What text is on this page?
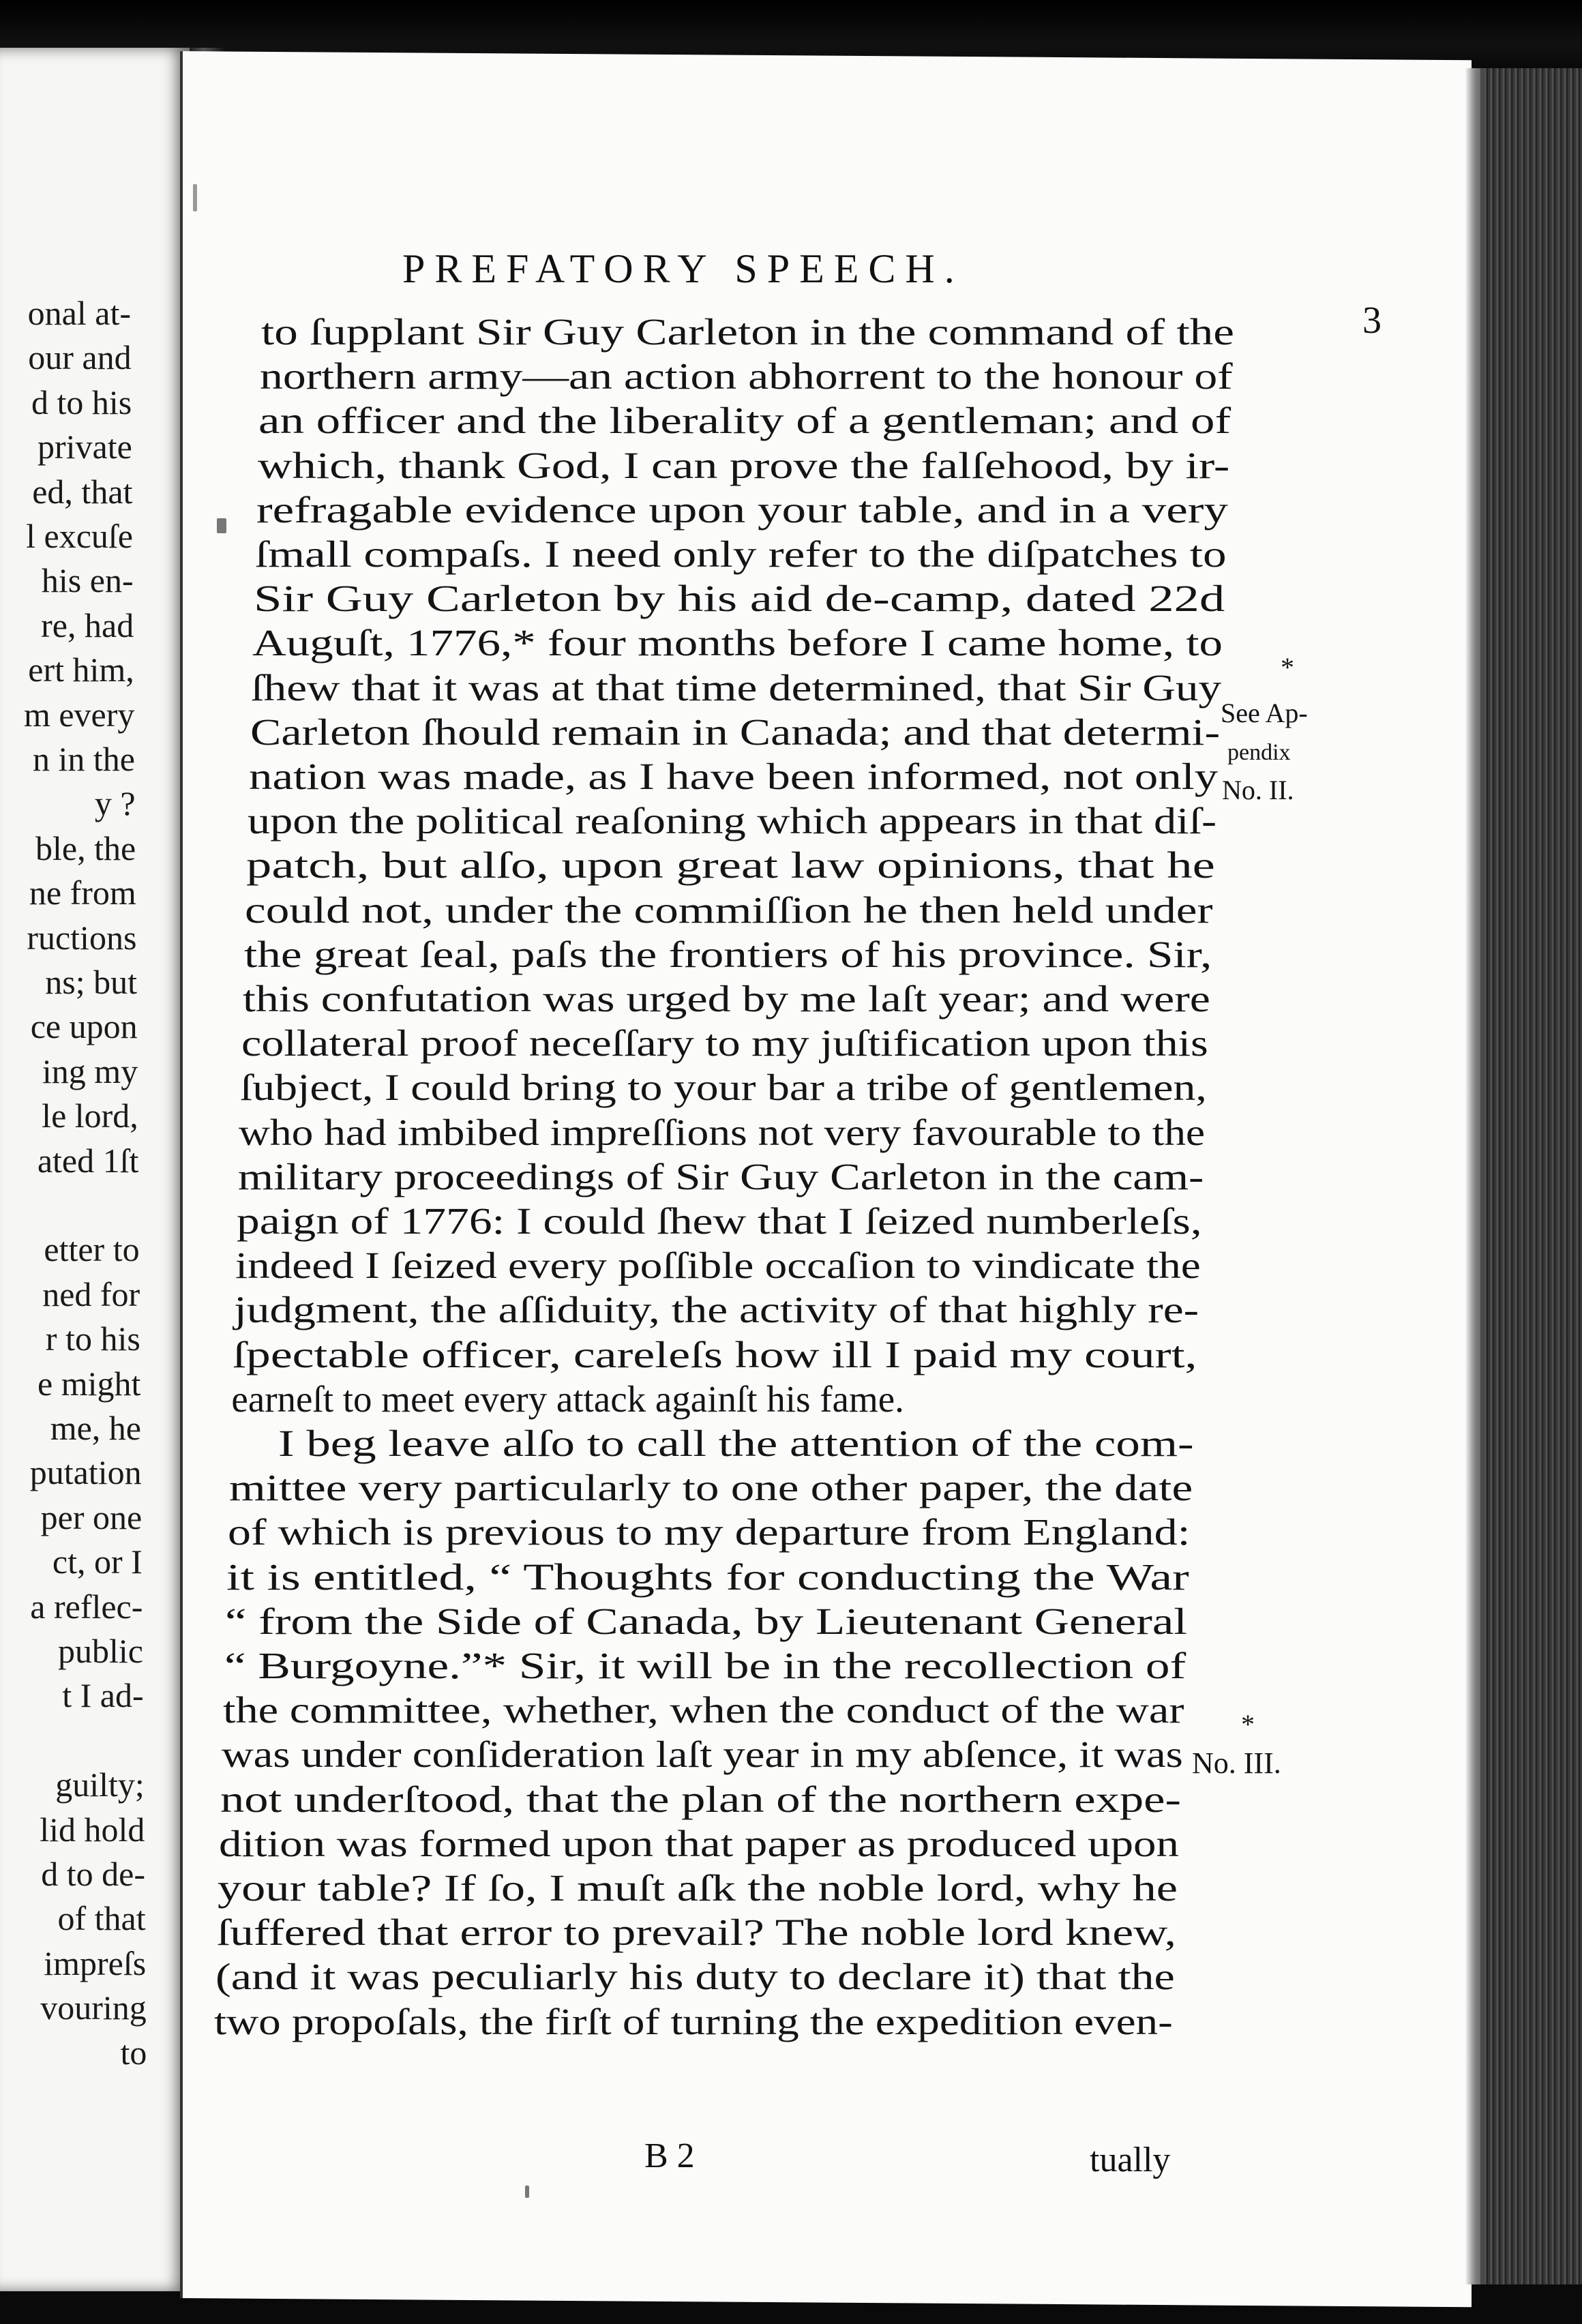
onal at-
our and
d to his
private
ed, that
l excuſe
his en-
re, had
ert him,
m every
n in the
y ?
ble, the
ne from
ructions
ns; but
ce upon
ing my
le lord,
ated 1ſt
etter to
ned for
r to his
e might
me, he
putation
per one
ct, or I
a reflec-
public
t I ad-
guilty;
lid hold
d to de-
of that
impreſs
vouring
to
PREFATORY SPEECH.
3
to ſupplant Sir Guy Carleton in the command of the
northern army—an action abhorrent to the honour of
an officer and the liberality of a gentleman; and of
which, thank God, I can prove the falſehood, by ir-
refragable evidence upon your table, and in a very
ſmall compaſs. I need only refer to the diſpatches to
Sir Guy Carleton by his aid de-camp, dated 22d
Auguſt, 1776,* four months before I came home, to
ſhew that it was at that time determined, that Sir Guy
Carleton ſhould remain in Canada; and that determi-
nation was made, as I have been informed, not only
upon the political reaſoning which appears in that diſ-
patch, but alſo, upon great law opinions, that he
could not, under the commiſſion he then held under
the great ſeal, paſs the frontiers of his province. Sir,
this confutation was urged by me laſt year; and were
collateral proof neceſſary to my juſtification upon this
ſubject, I could bring to your bar a tribe of gentlemen,
who had imbibed impreſſions not very favourable to the
military proceedings of Sir Guy Carleton in the cam-
paign of 1776: I could ſhew that I ſeized numberleſs,
indeed I ſeized every poſſible occaſion to vindicate the
judgment, the aſſiduity, the activity of that highly re-
ſpectable officer, careleſs how ill I paid my court,
earneſt to meet every attack againſt his fame.
I beg leave alſo to call the attention of the com-
mittee very particularly to one other paper, the date
of which is previous to my departure from England:
it is entitled, “ Thoughts for conducting the War
“ from the Side of Canada, by Lieutenant General
“ Burgoyne.”* Sir, it will be in the recollection of
the committee, whether, when the conduct of the war
was under conſideration laſt year in my abſence, it was
not underſtood, that the plan of the northern expe-
dition was formed upon that paper as produced upon
your table? If ſo, I muſt aſk the noble lord, why he
ſuffered that error to prevail? The noble lord knew,
(and it was peculiarly his duty to declare it) that the
two propoſals, the firſt of turning the expedition even-
*
See Ap-
pendix
No. II.
*
No. III.
B 2	tually
